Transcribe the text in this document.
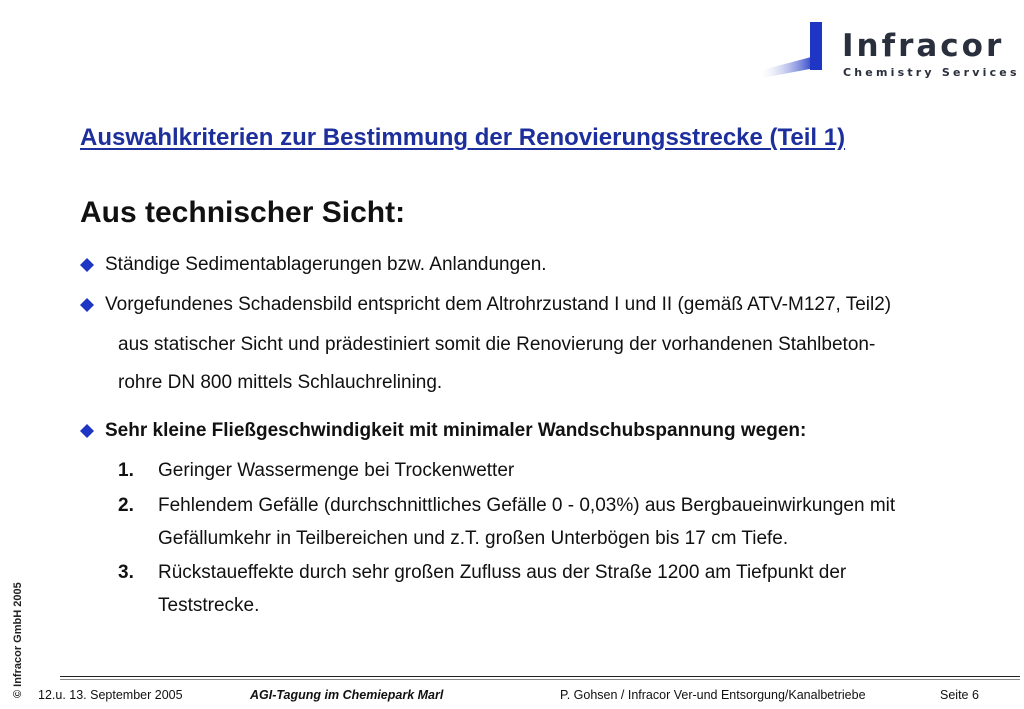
Infracor
Chemistry Services
Auswahlkriterien zur Bestimmung der Renovierungsstrecke (Teil 1)
Aus technischer Sicht:
Ständige Sedimentablagerungen bzw. Anlandungen.
Vorgefundenes Schadensbild entspricht dem Altrohrzustand I und II (gemäß ATV-M127, Teil2)
aus statischer Sicht und prädestiniert somit die Renovierung der vorhandenen Stahlbeton-
rohre DN 800 mittels Schlauchrelining.
Sehr kleine Fließgeschwindigkeit mit minimaler Wandschubspannung wegen:
1. Geringer Wassermenge bei Trockenwetter
2. Fehlendem Gefälle (durchschnittliches Gefälle 0 - 0,03%) aus Bergbaueinwirkungen mit
Gefällumkehr in Teilbereichen und z.T. großen Unterbögen bis 17 cm Tiefe.
3. Rückstaueffekte durch sehr großen Zufluss aus der Straße 1200 am Tiefpunkt der
Teststrecke.
© Infracor GmbH 2005 12.u. 13. September 2005	AGI-Tagung im Chemiepark Marl	P. Gohsen / Infracor Ver-und Entsorgung/Kanalbetriebe	Seite 6
